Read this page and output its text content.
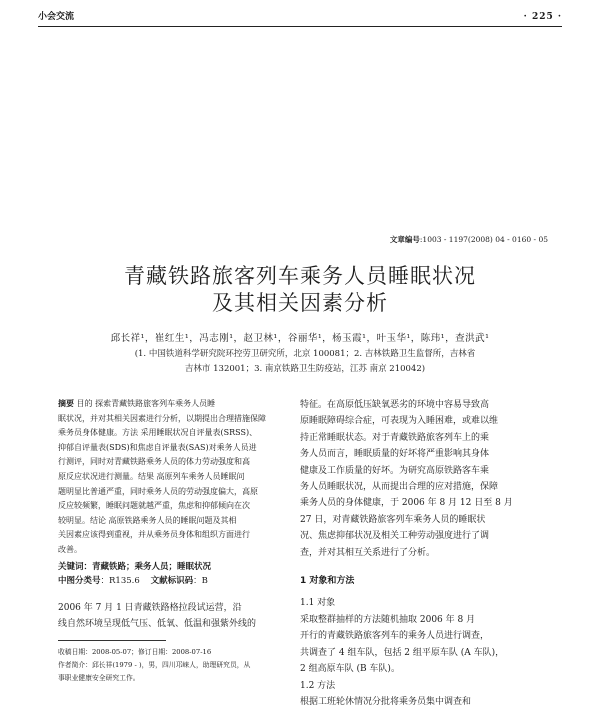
小会交流	· 225 ·
文章编号:1003 - 1197(2008) 04 - 0160 - 05
青藏铁路旅客列车乘务人员睡眠状况
及其相关因素分析
邱长祥¹，崔红生¹，冯志刚¹，赵卫林¹，谷丽华¹，杨玉霞¹，叶玉华¹，陈玮¹，查洪武¹
(1. 中国铁道科学研究院环控劳卫研究所，北京 100081；2. 吉林铁路卫生监督所，吉林省
吉林市 132001；3. 南京铁路卫生防疫站，江苏 南京 210042)
摘要 目的 探索青藏铁路旅客列车乘务人员睡
眠状况，并对其相关因素进行分析，以期提出合理措施保障
乘务员身体健康。方法 采用睡眠状况自评量表(SRSS)、
抑郁自评量表(SDS)和焦虑自评量表(SAS)对乘务人员进
行测评，同时对青藏铁路乘务人员的体力劳动强度和高
原反应状况进行测量。结果 高原列车乘务人员睡眠问
题明显比普通严重，同时乘务人员的劳动强度偏大，高原
反应较频繁，睡眠问题就越严重，焦虑和抑郁倾向在次
较明显。结论 高原铁路乘务人员的睡眠问题及其相
关因素应该得到重视，并从乘务员身体和组织方面进行
改善。
关键词：青藏铁路；乘务人员；睡眠状况
中图分类号：R135.6 文献标识码：B
2006 年 7 月 1 日青藏铁路格拉段试运营，沿
线自然环境呈现低气压、低氧、低温和强紫外线的
收稿日期：2008-05-07；修订日期：2008-07-16
作者简介：邱长祥(1979 - )，男，四川邛崃人，助理研究员，从
事职业健康安全研究工作。
特征。在高原低压缺氧恶劣的环境中容易导致高
原睡眠障碍综合症，可表现为入睡困难，或难以维
持正常睡眠状态。对于青藏铁路旅客列车上的乘
务人员而言，睡眠质量的好坏将严重影响其身体
健康及工作质量的好坏。为研究高原铁路客车乘
务人员睡眠状况，从而提出合理的应对措施，保障
乘务人员的身体健康，于 2006 年 8 月 12 日至 8 月
27 日，对青藏铁路旅客列车乘务人员的睡眠状
况、焦虑抑郁状况及相关工种劳动强度进行了调
查，并对其相互关系进行了分析。
1 对象和方法
1.1 对象
采取整群抽样的方法随机抽取 2006 年 8 月
开行的青藏铁路旅客列车的乘务人员进行调查，
共调查了 4 组车队，包括 2 组平原车队 (A 车队)，
2 组高原车队 (B 车队)。
1.2 方法
根据工班轮休情况分批将乘务员集中调查和
